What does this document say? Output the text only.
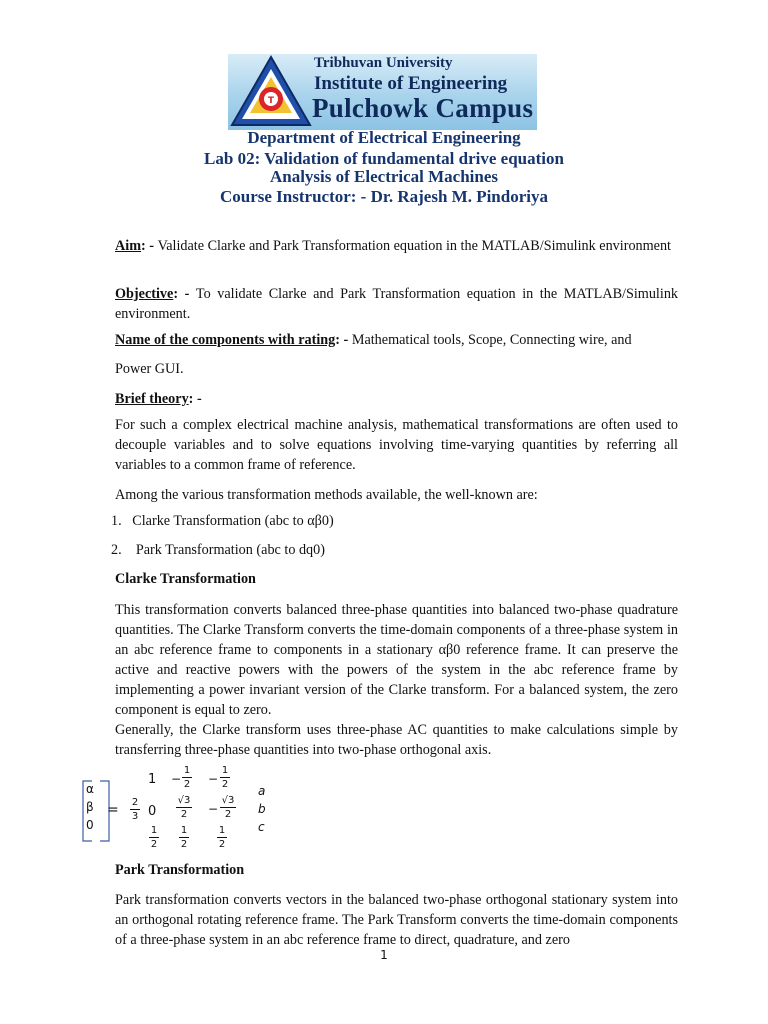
T
Tribhuvan University
Institute of Engineering
Pulchowk Campus
Department of Electrical Engineering
Lab 02: Validation of fundamental drive equation
Analysis of Electrical Machines
Course Instructor: - Dr. Rajesh M. Pindoriya
Aim: - Validate Clarke and Park Transformation equation in the MATLAB/Simulink environment
Objective: - To validate Clarke and Park Transformation equation in the MATLAB/Simulink environment.
Name of the components with rating: - Mathematical tools, Scope, Connecting wire, and
Power GUI.
Brief theory: -
For such a complex electrical machine analysis, mathematical transformations are often used to decouple variables and to solve equations involving time-varying quantities by referring all variables to a common frame of reference.
Among the various transformation methods available, the well-known are:
1. Clarke Transformation (abc to αβ0)
2. Park Transformation (abc to dq0)
Clarke Transformation
This transformation converts balanced three-phase quantities into balanced two-phase quadrature quantities. The Clarke Transform converts the time-domain components of a three-phase system in an abc reference frame to components in a stationary αβ0 reference frame. It can preserve the active and reactive powers with the powers of the system in the abc reference frame by implementing a power invariant version of the Clarke transform. For a balanced system, the zero component is equal to zero.
Generally, the Clarke transform uses three-phase AC quantities to make calculations simple by transferring three-phase quantities into two-phase orthogonal axis.
α
β
0
= $\frac{2}{3}$
$1 - \frac{1}{2} - \frac{1}{2}$
$0 \frac{√3}{2} - \frac{√3}{2}$
$\frac{1}{2} \frac{1}{2}$	$\frac{1}{2}$
a
b
c
Park Transformation
Park transformation converts vectors in the balanced two-phase orthogonal stationary system into an orthogonal rotating reference frame. The Park Transform converts the time-domain components of a three-phase system in an abc reference frame to direct, quadrature, and zero
1
